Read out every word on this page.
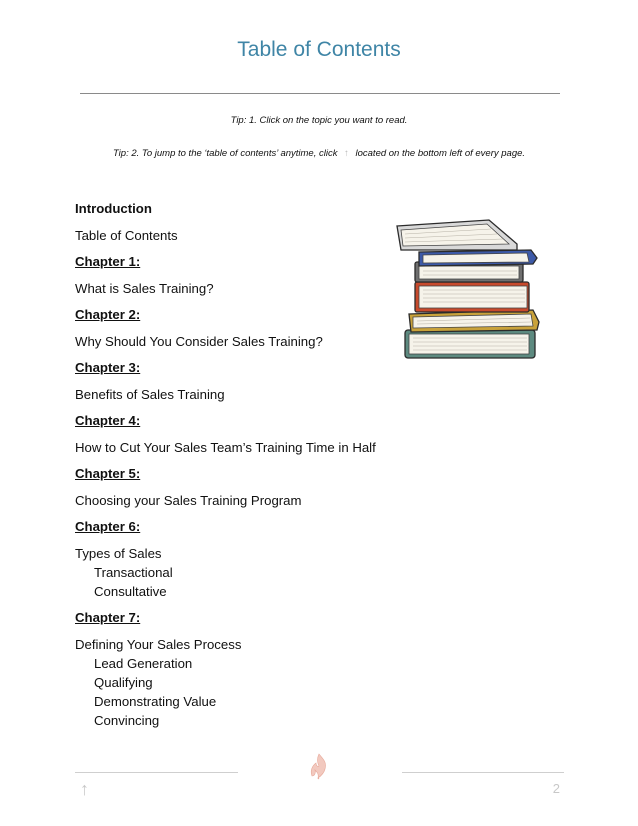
Table of Contents
Tip: 1. Click on the topic you want to read.
Tip: 2. To jump to the ‘table of contents’ anytime, click ↑ located on the bottom left of every page.
Introduction
Table of Contents
Chapter 1:
What is Sales Training?
Chapter 2:
Why Should You Consider Sales Training?
Chapter 3:
Benefits of Sales Training
Chapter 4:
How to Cut Your Sales Team’s Training Time in Half
Chapter 5:
Choosing your Sales Training Program
Chapter 6:
Types of Sales
Transactional
Consultative
Chapter 7:
Defining Your Sales Process
Lead Generation
Qualifying
Demonstrating Value
Convincing
↑	2
